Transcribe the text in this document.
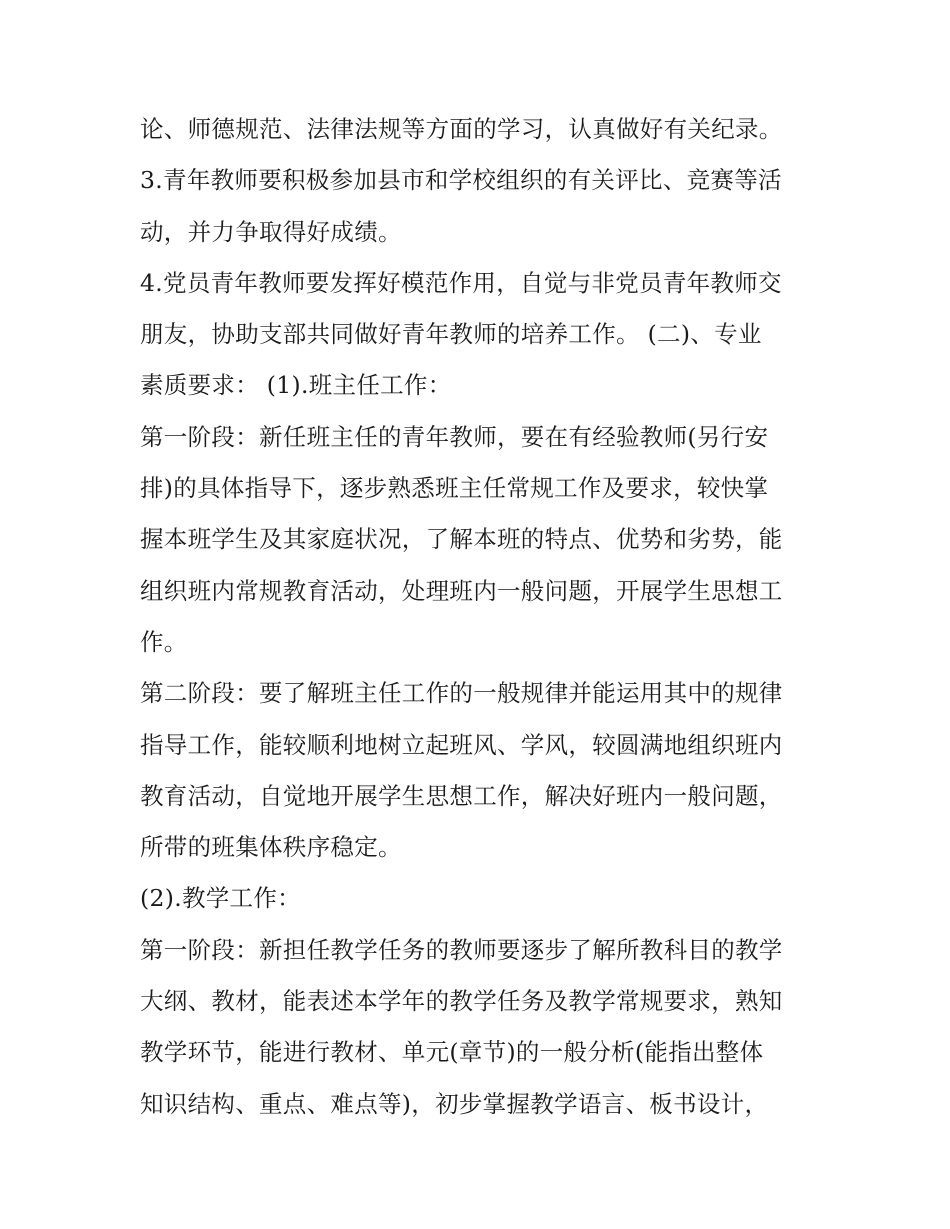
论、师德规范、法律法规等方面的学习，认真做好有关纪录。
3.青年教师要积极参加县市和学校组织的有关评比、竞赛等活
动，并力争取得好成绩。
4.党员青年教师要发挥好模范作用，自觉与非党员青年教师交
朋友，协助支部共同做好青年教师的培养工作。 (二)、专业
素质要求： (1).班主任工作：
第一阶段：新任班主任的青年教师，要在有经验教师(另行安
排)的具体指导下，逐步熟悉班主任常规工作及要求，较快掌
握本班学生及其家庭状况，了解本班的特点、优势和劣势，能
组织班内常规教育活动，处理班内一般问题，开展学生思想工
作。
第二阶段：要了解班主任工作的一般规律并能运用其中的规律
指导工作，能较顺利地树立起班风、学风，较圆满地组织班内
教育活动，自觉地开展学生思想工作，解决好班内一般问题，
所带的班集体秩序稳定。
(2).教学工作：
第一阶段：新担任教学任务的教师要逐步了解所教科目的教学
大纲、教材，能表述本学年的教学任务及教学常规要求，熟知
教学环节，能进行教材、单元(章节)的一般分析(能指出整体
知识结构、重点、难点等)，初步掌握教学语言、板书设计，
